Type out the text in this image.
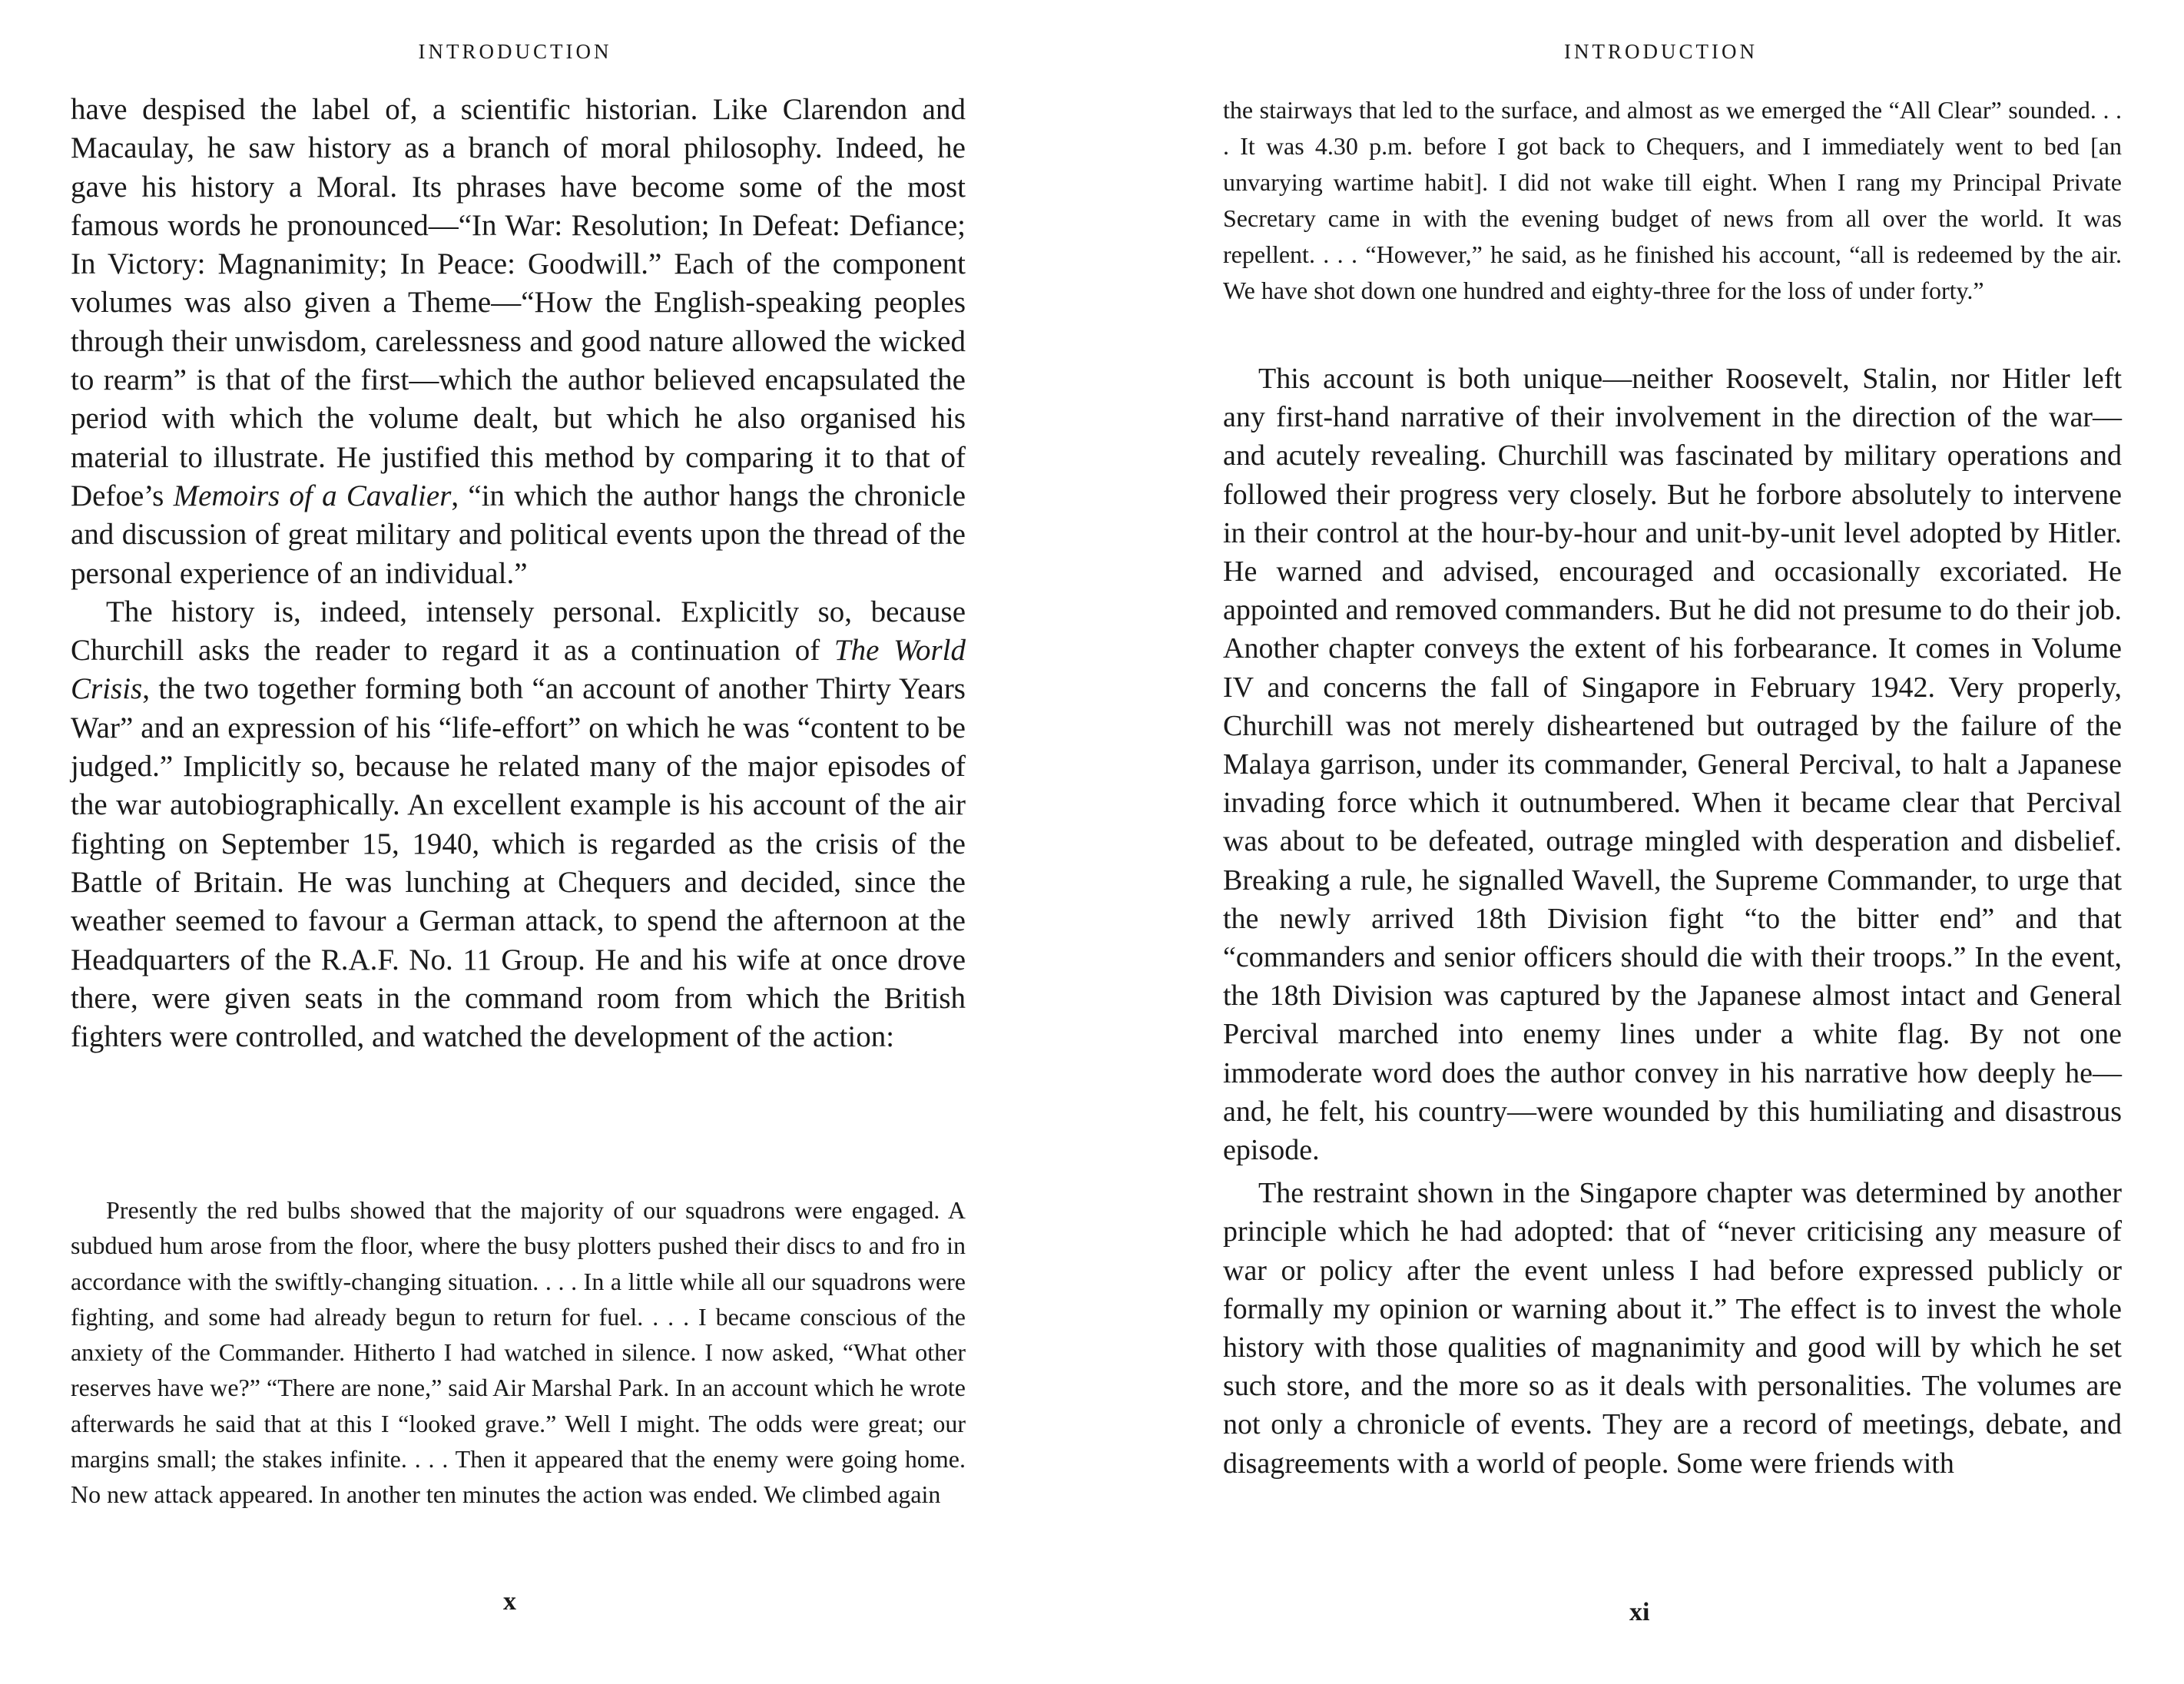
INTRODUCTION

have despised the label of, a scientific historian. Like Clarendon and Macaulay, he saw history as a branch of moral philosophy. Indeed, he gave his history a Moral. Its phrases have become some of the most famous words he pronounced—“In War: Resolution; In Defeat: Defiance; In Victory: Magnanimity; In Peace: Goodwill.” Each of the component volumes was also given a Theme—“How the English-speaking peoples through their unwisdom, carelessness and good nature allowed the wicked to rearm” is that of the first—which the author believed encapsulated the period with which the volume dealt, but which he also organised his material to illustrate. He justified this method by comparing it to that of Defoe’s Memoirs of a Cavalier, “in which the author hangs the chronicle and discussion of great military and political events upon the thread of the personal experience of an individual.”

The history is, indeed, intensely personal. Explicitly so, because Churchill asks the reader to regard it as a continuation of The World Crisis, the two together forming both “an account of another Thirty Years War” and an expression of his “life-effort” on which he was “content to be judged.” Implicitly so, because he related many of the major episodes of the war autobiographically. An excellent example is his account of the air fighting on September 15, 1940, which is regarded as the crisis of the Battle of Britain. He was lunching at Chequers and decided, since the weather seemed to favour a German attack, to spend the afternoon at the Headquarters of the R.A.F. No. 11 Group. He and his wife at once drove there, were given seats in the command room from which the British fighters were controlled, and watched the development of the action:

Presently the red bulbs showed that the majority of our squadrons were engaged. A subdued hum arose from the floor, where the busy plotters pushed their discs to and fro in accordance with the swiftly-changing situation. . . . In a little while all our squadrons were fighting, and some had already begun to return for fuel. . . . I became conscious of the anxiety of the Commander. Hitherto I had watched in silence. I now asked, “What other reserves have we?” “There are none,” said Air Marshal Park. In an account which he wrote afterwards he said that at this I “looked grave.” Well I might. The odds were great; our margins small; the stakes infinite. . . . Then it appeared that the enemy were going home. No new attack appeared. In another ten minutes the action was ended. We climbed again

x
INTRODUCTION

the stairways that led to the surface, and almost as we emerged the “All Clear” sounded. . . . It was 4.30 p.m. before I got back to Chequers, and I immediately went to bed [an unvarying wartime habit]. I did not wake till eight. When I rang my Principal Private Secretary came in with the evening budget of news from all over the world. It was repellent. . . . “However,” he said, as he finished his account, “all is redeemed by the air. We have shot down one hundred and eighty-three for the loss of under forty.”

This account is both unique—neither Roosevelt, Stalin, nor Hitler left any first-hand narrative of their involvement in the direction of the war—and acutely revealing. Churchill was fascinated by military operations and followed their progress very closely. But he forbore absolutely to intervene in their control at the hour-by-hour and unit-by-unit level adopted by Hitler. He warned and advised, encouraged and occasionally excoriated. He appointed and removed commanders. But he did not presume to do their job. Another chapter conveys the extent of his forbearance. It comes in Volume IV and concerns the fall of Singapore in February 1942. Very properly, Churchill was not merely disheartened but outraged by the failure of the Malaya garrison, under its commander, General Percival, to halt a Japanese invading force which it outnumbered. When it became clear that Percival was about to be defeated, outrage mingled with desperation and disbelief. Breaking a rule, he signalled Wavell, the Supreme Commander, to urge that the newly arrived 18th Division fight “to the bitter end” and that “commanders and senior officers should die with their troops.” In the event, the 18th Division was captured by the Japanese almost intact and General Percival marched into enemy lines under a white flag. By not one immoderate word does the author convey in his narrative how deeply he—and, he felt, his country—were wounded by this humiliating and disastrous episode.

The restraint shown in the Singapore chapter was determined by another principle which he had adopted: that of “never criticising any measure of war or policy after the event unless I had before expressed publicly or formally my opinion or warning about it.” The effect is to invest the whole history with those qualities of magnanimity and good will by which he set such store, and the more so as it deals with personalities. The volumes are not only a chronicle of events. They are a record of meetings, debate, and disagreements with a world of people. Some were friends with

xi
